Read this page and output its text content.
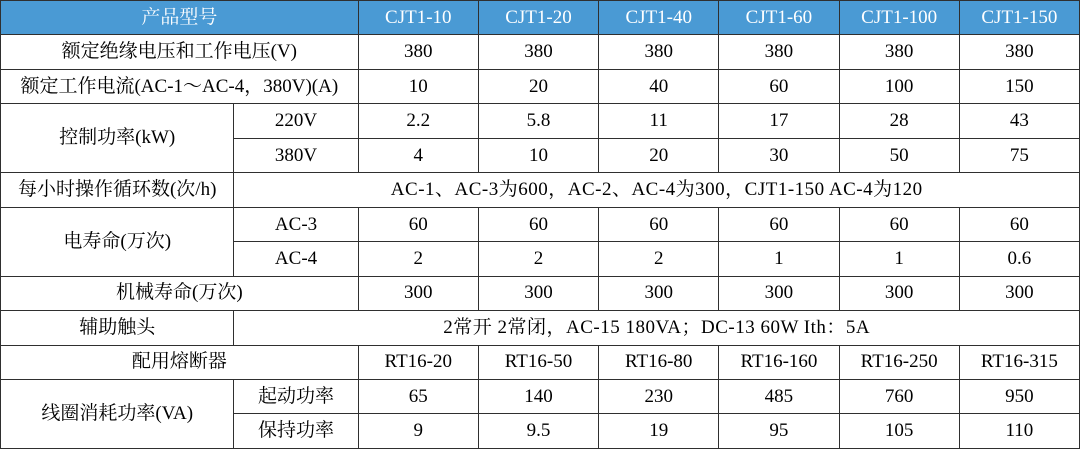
产品型号		CJT1-10	CJT1-20	CJT1-40	CJT1-60	CJT1-100	CJT1-150
额定绝缘电压和工作电压(V)		380	380	380	380	380	380
额定工作电流(AC-1～AC-4，380V)(A)		10	20	40	60	100	150
控制功率(kW)	220V	2.2	5.8	11	17	28	43
	380V	4	10	20	30	50	75
每小时操作循环数(次/h)	AC-1、AC-3为600，AC-2、AC-4为300，CJT1-150 AC-4为120						
电寿命(万次)	AC-3	60	60	60	60	60	60
	AC-4	2	2	2	1	1	0.6
机械寿命(万次)		300	300	300	300	300	300
辅助触头	2常开 2常闭，AC-15 180VA；DC-13 60W Ith：5A						
配用熔断器		RT16-20	RT16-50	RT16-80	RT16-160	RT16-250	RT16-315
线圈消耗功率(VA)	起动功率	65	140	230	485	760	950
	保持功率	9	9.5	19	95	105	110
